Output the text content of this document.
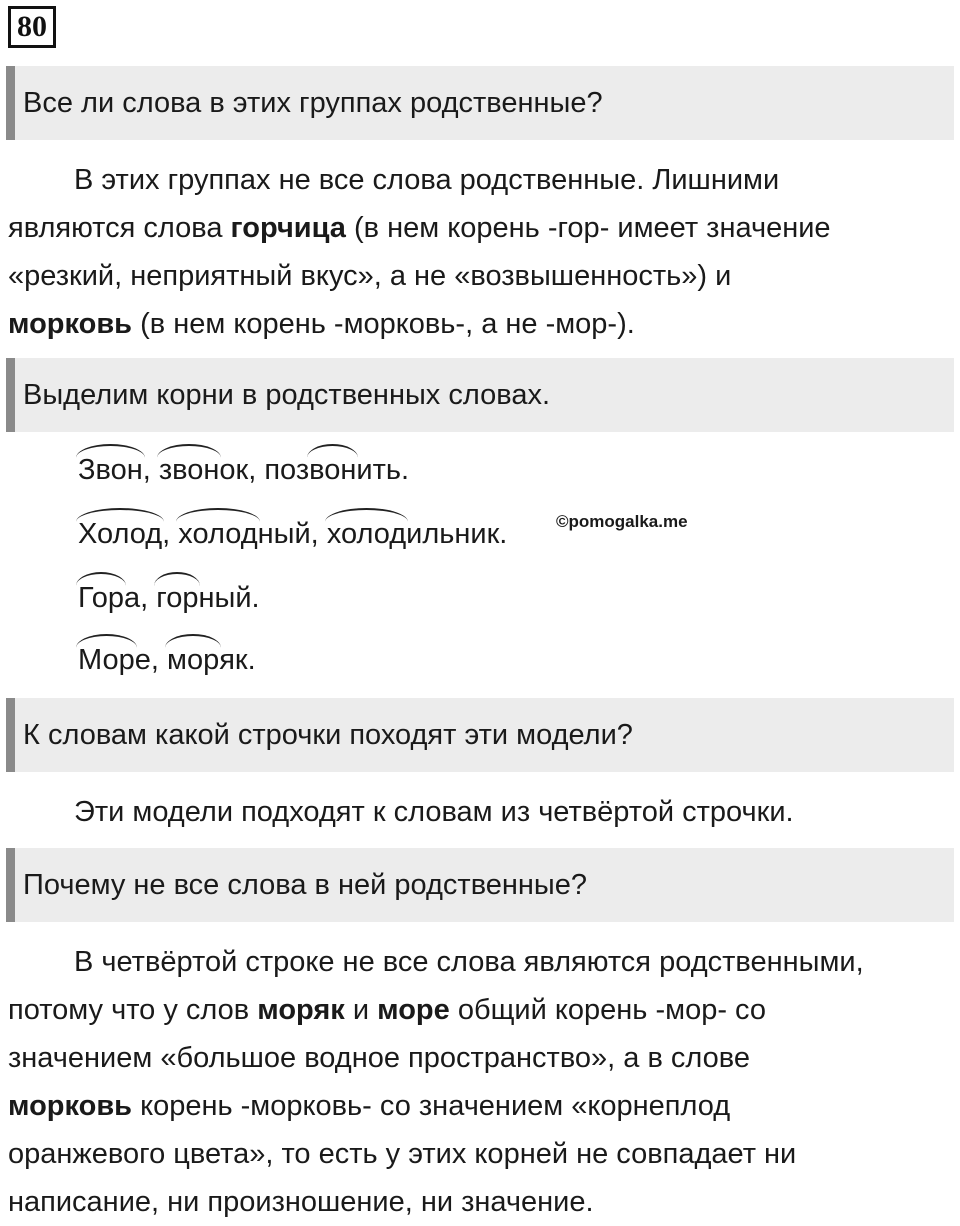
80
Все ли слова в этих группах родственные?
В этих группах не все слова родственные. Лишними
являются слова горчица (в нем корень -гор- имеет значение
«резкий, неприятный вкус», а не «возвышенность») и
морковь (в нем корень -морковь-, а не -мор-).
Выделим корни в родственных словах.
Звон, звонок, поз
вонить.
Холод, холодный, холодильник.	©pomogalka.me
Гора, горный.
Море, моряк.
К словам какой строчки походят эти модели?
Эти модели подходят к словам из четвёртой строчки.
Почему не все слова в ней родственные?
В четвёртой строке не все слова являются родственными,
потому что у слов моряк и море общий корень -мор- со
значением «большое водное пространство», а в слове
морковь корень -морковь- со значением «корнеплод
оранжевого цвета», то есть у этих корней не совпадает ни
написание, ни произношение, ни значение.
